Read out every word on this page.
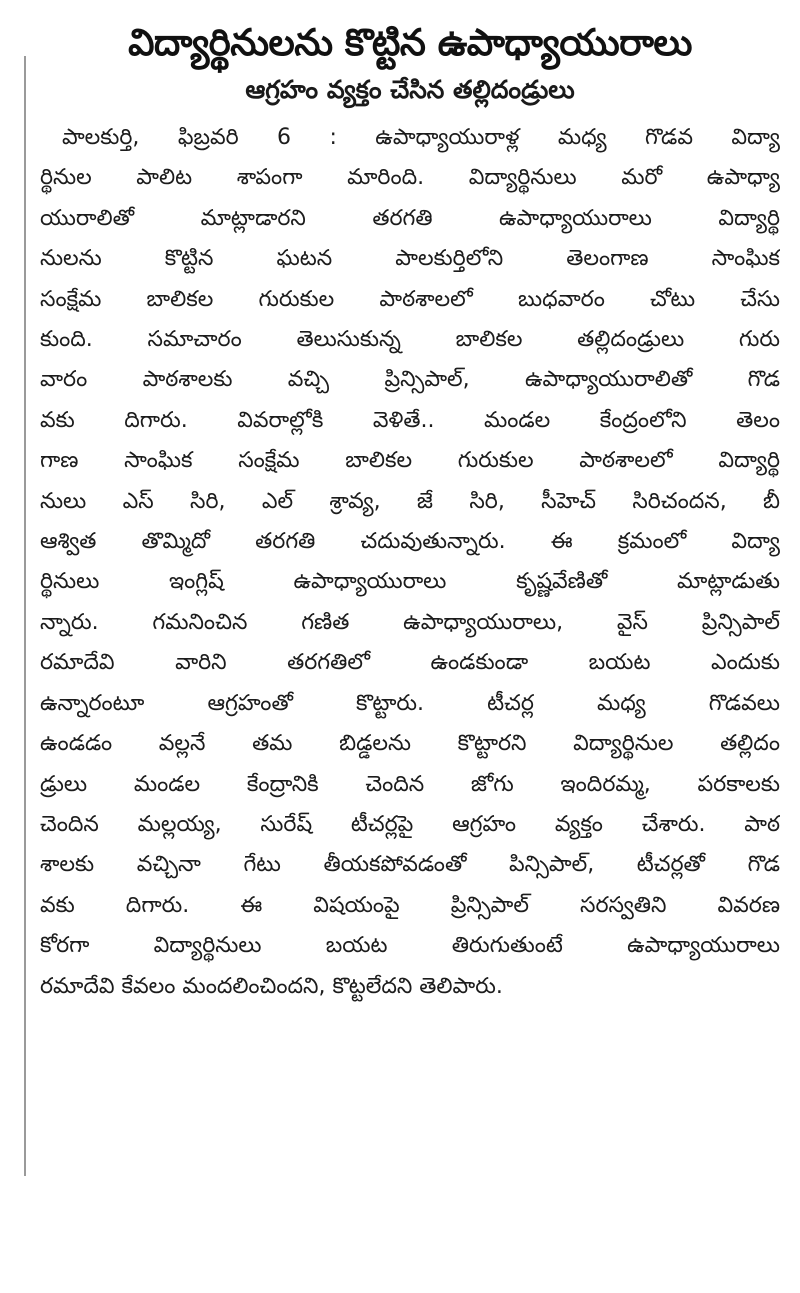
విద్యార్థినులను కొట్టిన ఉపాధ్యాయురాలు
ఆగ్రహం వ్యక్తం చేసిన తల్లిదండ్రులు
పాలకుర్తి, ఫిబ్రవరి 6 : ఉపాధ్యాయురాళ్ల మధ్య గొడవ విద్యా
ర్థినుల పాలిట శాపంగా మారింది. విద్యార్థినులు మరో ఉపాధ్యా
యురాలితో మాట్లాడారని తరగతి ఉపాధ్యాయురాలు విద్యార్థి
నులను కొట్టిన ఘటన పాలకుర్తిలోని తెలంగాణ సాంఘిక
సంక్షేమ బాలికల గురుకుల పాఠశాలలో బుధవారం చోటు చేసు
కుంది. సమాచారం తెలుసుకున్న బాలికల తల్లిదండ్రులు గురు
వారం పాఠశాలకు వచ్చి ప్రిన్సిపాల్, ఉపాధ్యాయురాలితో గొడ
వకు దిగారు. వివరాల్లోకి వెళితే.. మండల కేంద్రంలోని తెలం
గాణ సాంఘిక సంక్షేమ బాలికల గురుకుల పాఠశాలలో విద్యార్థి
నులు ఎస్ సిరి, ఎల్ శ్రావ్య, జే సిరి, సీహెచ్ సిరిచందన, బీ
ఆశ్విత తొమ్మిదో తరగతి చదువుతున్నారు. ఈ క్రమంలో విద్యా
ర్థినులు ఇంగ్లిష్ ఉపాధ్యాయురాలు కృష్ణవేణితో మాట్లాడుతు
న్నారు. గమనించిన గణిత ఉపాధ్యాయురాలు, వైస్ ప్రిన్సిపాల్
రమాదేవి వారిని తరగతిలో ఉండకుండా బయట ఎందుకు
ఉన్నారంటూ ఆగ్రహంతో కొట్టారు. టీచర్ల మధ్య గొడవలు
ఉండడం వల్లనే తమ బిడ్డలను కొట్టారని విద్యార్థినుల తల్లిదం
డ్రులు మండల కేంద్రానికి చెందిన జోగు ఇందిరమ్మ, పరకాలకు
చెందిన మల్లయ్య, సురేష్ టీచర్లపై ఆగ్రహం వ్యక్తం చేశారు. పాఠ
శాలకు వచ్చినా గేటు తీయకపోవడంతో పిన్సిపాల్, టీచర్లతో గొడ
వకు దిగారు. ఈ విషయంపై ప్రిన్సిపాల్ సరస్వతిని వివరణ
కోరగా విద్యార్థినులు బయట తిరుగుతుంటే ఉపాధ్యాయురాలు
రమాదేవి కేవలం మందలించిందని, కొట్టలేదని తెలిపారు.
